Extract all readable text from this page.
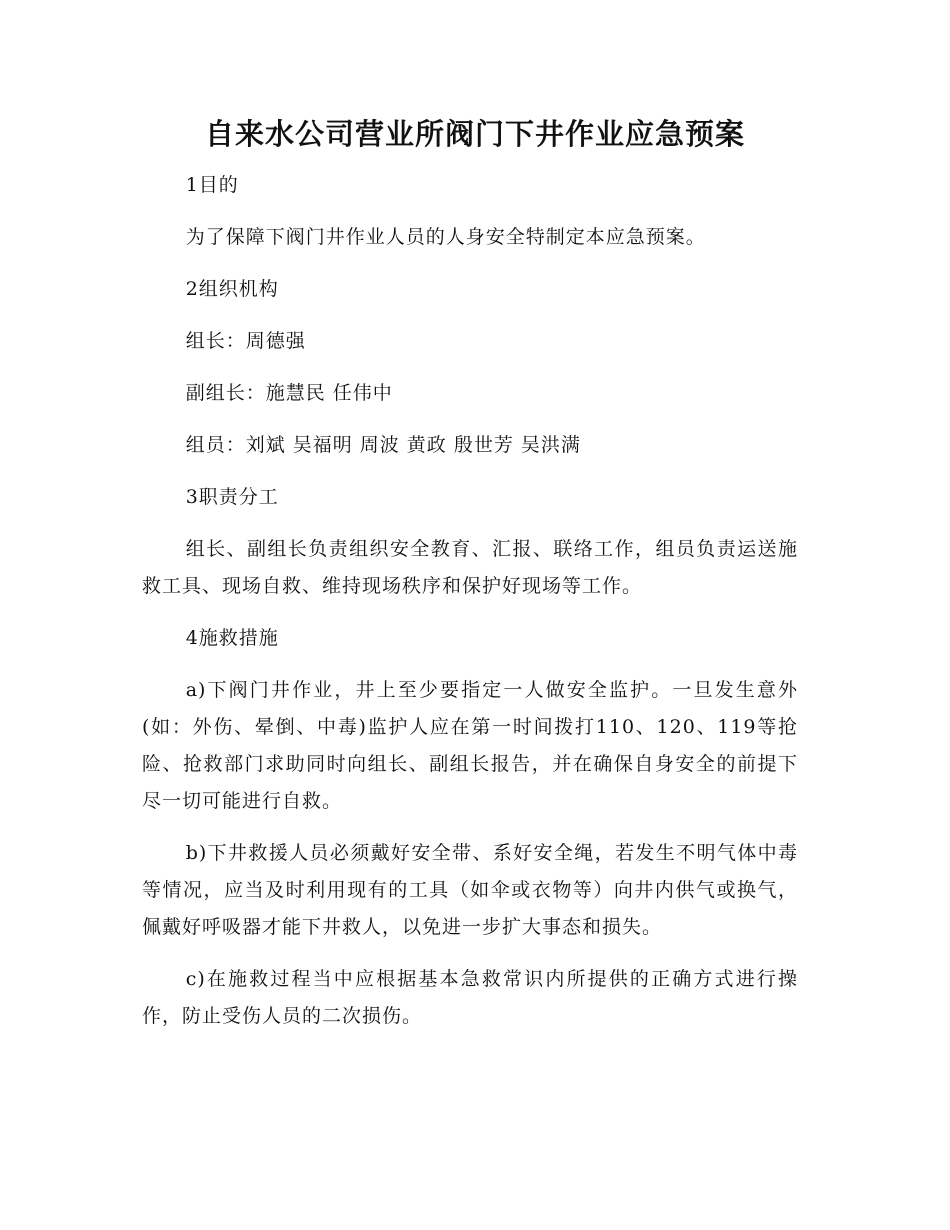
自来水公司营业所阀门下井作业应急预案

1目的

为了保障下阀门井作业人员的人身安全特制定本应急预案。

2组织机构

组长：周德强

副组长：施慧民 任伟中

组员：刘斌 吴福明 周波 黄政 殷世芳 吴洪满

3职责分工

组长、副组长负责组织安全教育、汇报、联络工作，组员负责运送施救工具、现场自救、维持现场秩序和保护好现场等工作。

4施救措施

a)下阀门井作业，井上至少要指定一人做安全监护。一旦发生意外(如：外伤、晕倒、中毒)监护人应在第一时间拨打110、120、119等抢险、抢救部门求助同时向组长、副组长报告，并在确保自身安全的前提下尽一切可能进行自救。

b)下井救援人员必须戴好安全带、系好安全绳，若发生不明气体中毒等情况，应当及时利用现有的工具（如伞或衣物等）向井内供气或换气，佩戴好呼吸器才能下井救人，以免进一步扩大事态和损失。

c)在施救过程当中应根据基本急救常识内所提供的正确方式进行操作，防止受伤人员的二次损伤。
